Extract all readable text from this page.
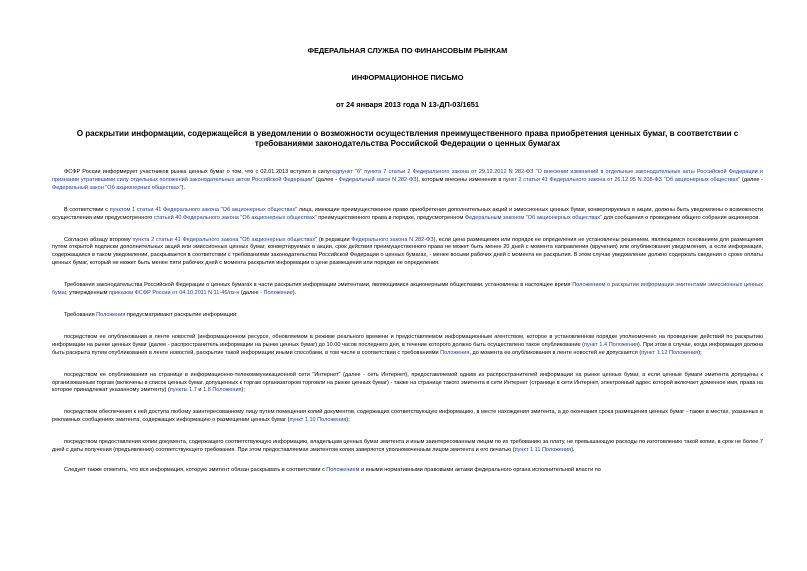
ФЕДЕРАЛЬНАЯ СЛУЖБА ПО ФИНАНСОВЫМ РЫНКАМ
ИНФОРМАЦИОННОЕ ПИСЬМО
от 24 января 2013 года N 13-ДП-03/1651
О раскрытии информации, содержащейся в уведомлении о возможности осуществления преимущественного права приобретения ценных бумаг, в соответствии с требованиями законодательства Российской Федерации о ценных бумагах

ФСФР России информирует участников рынка ценных бумаг о том, что с 02.01.2013 вступил в силуподпункт "б" пункта 7 статьи 2 Федерального закона от 29.12.2012 N 282-ФЗ "О внесении изменений в отдельные законодательные акты Российской Федерации и признании утратившими силу отдельных положений законодательных актов Российской Федерации" (далее - Федеральный закон N 282-ФЗ), которым внесены изменения в пункт 2 статьи 41 Федерального закона от 26.12.95 N 208-ФЗ "Об акционерных обществах" (далее - Федеральный закон "Об акционерных обществах").

В соответствии с пунктом 1 статьи 41 Федерального закона "Об акционерных обществах" лица, имеющие преимущественное право приобретения дополнительных акций и эмиссионных ценных бумаг, конвертируемых в акции, должны быть уведомлены о возможности осуществления ими предусмотренного статьей 40 Федерального закона "Об акционерных обществах" преимущественного права в порядке, предусмотренном Федеральным законом "Об акционерных обществах" для сообщения о проведении общего собрания акционеров.

Согласно абзацу второму пункта 2 статьи 41 Федерального закона "Об акционерных обществах" (в редакции Федерального закона N 282-ФЗ), если цена размещения или порядок ее определения не установлены решением, являющимся основанием для размещения путем открытой подписки дополнительных акций или эмиссионных ценных бумаг, конвертируемых в акции, срок действия преимущественного права не может быть менее 20 дней с момента направления (вручения) или опубликования уведомления, а если информация, содержащаяся в таком уведомлении, раскрывается в соответствии с требованиями законодательства Российской Федерации о ценных бумагах, - менее восьми рабочих дней с момента ее раскрытия. В этом случае уведомление должно содержать сведения о сроке оплаты ценных бумаг, который не может быть менее пяти рабочих дней с момента раскрытия информации о цене размещения или порядке ее определения.

Требования законодательства Российской Федерации о ценных бумагах в части раскрытия информации эмитентами, являющимися акционерными обществами, установлены в настоящее время Положением о раскрытии информации эмитентами эмиссионных ценных бумаг, утвержденным приказом ФСФР России от 04.10.2011 N 11-46/пз-н (далее - Положение).

Требования Положения предусматривают раскрытие информации:

посредством ее опубликования в ленте новостей (информационном ресурсе, обновляемом в режиме реального времени и предоставляемом информационным агентством, которое в установленном порядке уполномочено на проведение действий по раскрытию информации на рынке ценных бумаг (далее - распространитель информации на рынке ценных бумаг) до 10.00 часов последнего дня, в течение которого должно быть осуществлено такое опубликование (пункт 1.4 Положения). При этом в случае, когда информация должна быть раскрыта путем опубликования в ленте новостей, раскрытие такой информации иными способами, в том числе в соответствии с требованиями Положения, до момента ее опубликования в ленте новостей не допускается (пункт 1.12 Положения);

посредством ее опубликования на странице в информационно-телекоммуникационной сети "Интернет" (далее - сеть Интернет), предоставляемой одним из распространителей информации на рынке ценных бумаг, а если ценные бумаги эмитента допущены к организованным торгам (включены в список ценных бумаг, допущенных к торгам организатором торговли на рынке ценных бумаг) - также на странице такого эмитента в сети Интернет (странице в сети Интернет, электронный адрес которой включает доменное имя, права на которое принадлежат указанному эмитенту) (пункты 1.7 и 1.8 Положения);

посредством обеспечения к ней доступа любому заинтересованному лицу путем помещения копий документов, содержащих соответствующую информацию, в месте нахождения эмитента, а до окончания срока размещения ценных бумаг - также в местах, указанных в рекламных сообщениях эмитента, содержащих информацию о размещении ценных бумаг (пункт 1.10 Положения);

посредством предоставления копии документа, содержащего соответствующую информацию, владельцам ценных бумаг эмитента и иным заинтересованным лицам по их требованию за плату, не превышающую расходы по изготовлению такой копии, в срок не более 7 дней с даты получения (предъявления) соответствующего требования. При этом предоставляемая эмитентом копия заверяется уполномоченным лицом эмитента и его печатью (пункт 1.11 Положения).

Следует также отметить, что вся информация, которую эмитент обязан раскрывать в соответствии с Положением и иными нормативными правовыми актами федерального органа исполнительной власти по
